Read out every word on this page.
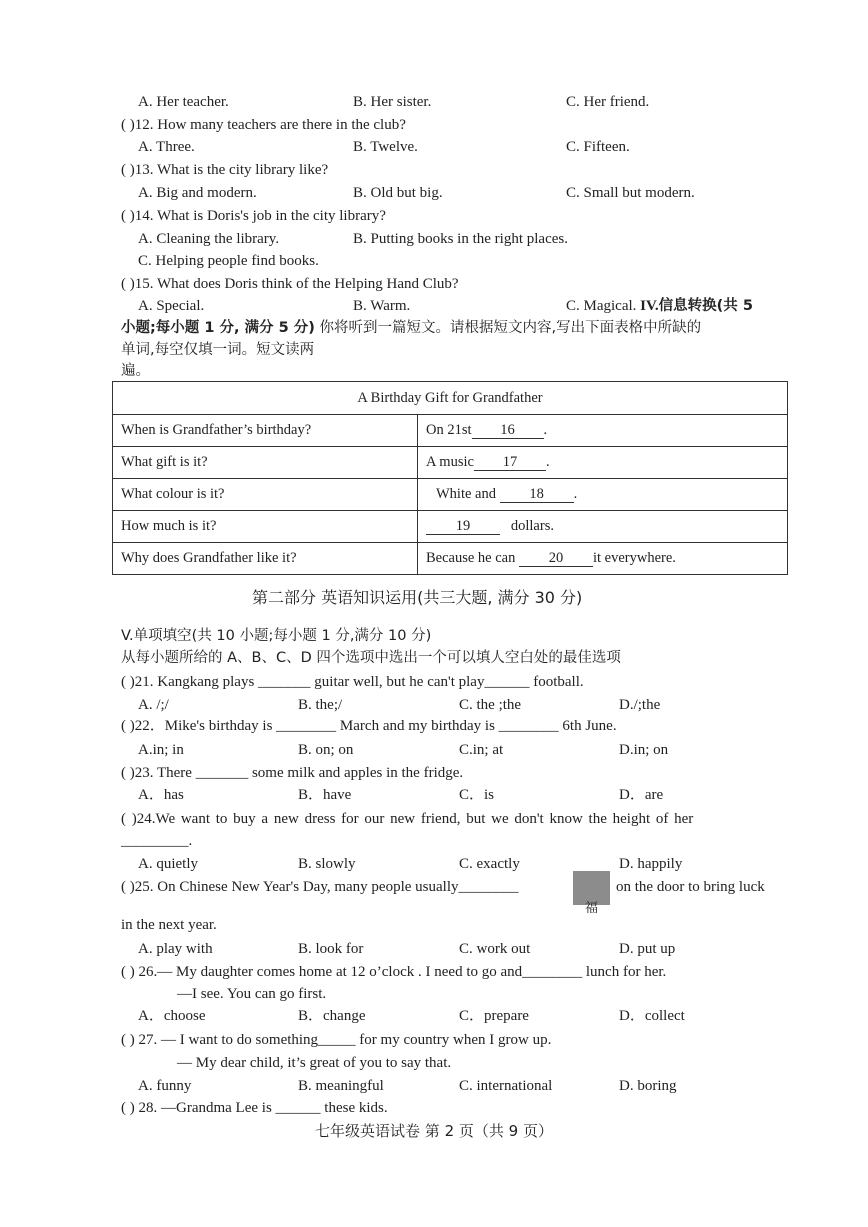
A. Her teacher.	B. Her sister.	C. Her friend.
( )12. How many teachers are there in the club?
A. Three.	B. Twelve.	C. Fifteen.
( )13. What is the city library like?
A. Big and modern.	B. Old but big.	C. Small but modern.
( )14. What is Doris's job in the city library?
A. Cleaning the library.	B. Putting books in the right places.
C. Helping people find books.
( )15. What does Doris think of the Helping Hand Club?
A. Special.	B. Warm.	C. Magical. IV.信息转换(共 5
小题;每小题 1 分, 满分 5 分) 你将听到一篇短文。请根据短文内容,写出下面表格中所缺的
单词,每空仅填一词。短文读两
遍。
A Birthday Gift for Grandfather	
When is Grandfather’s birthday?	On 21st 16 .
What gift is it?	A music 17 .
What colour is it?	White and 18 .
How much is it?	19 dollars.
Why does Grandfather like it?	Because he can 20 it everywhere.
第二部分 英语知识运用(共三大题, 满分 30 分)
V.单项填空(共 10 小题;每小题 1 分,满分 10 分)
从每小题所给的 A、B、C、D 四个选项中选出一个可以填人空白处的最佳选项
( )21. Kangkang plays _______ guitar well, but he can't play______ football.
A. /;/	B. the;/	C. the ;the	D./;the
( )22．Mike's birthday is ________ March and my birthday is ________ 6th June.
A.in; in	B. on; on	C.in; at	D.in; on
( )23. There _______ some milk and apples in the fridge.
A．has	B．have	C．is	D．are
( )24.We want to buy a new dress for our new friend, but we don't know the height of her
_________.
A. quietly	B. slowly	C. exactly	D. happily
( )25. On Chinese New Year's Day, many people usually________
福
on the door to bring luck
in the next year.
A. play with	B. look for	C. work out	D. put up
( ) 26.— My daughter comes home at 12 o’clock . I need to go and________ lunch for her.
—I see. You can go first.
A．choose	B．change	C．prepare	D．collect
( ) 27. — I want to do something_____ for my country when I grow up.
— My dear child, it’s great of you to say that.
A. funny	B. meaningful	C. international	D. boring
( ) 28. —Grandma Lee is ______ these kids.
七年级英语试卷 第 2 页（共 9 页）
